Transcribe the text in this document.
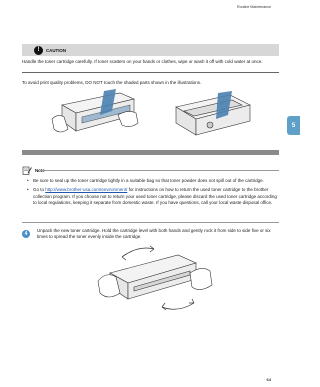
Routine Maintenance
5
!	CAUTION

Handle the toner cartridge carefully. If toner scatters on your hands or clothes, wipe or wash it off with cold water at once.

To avoid print quality problems, DO NOT touch the shaded parts shown in the illustrations.

Note
• Be sure to seal up the toner cartridge tightly in a suitable bag so that toner powder does not spill out of the cartridge.
• Go to http://www.brother-usa.com/environment/ for instructions on how to return the used toner cartridge to the brother collection program. If you choose not to return your used toner cartridge, please discard the used toner cartridge according to local regulations, keeping it separate from domestic waste. If you have questions, call your local waste disposal office.
4

Unpack the new toner cartridge. Hold the cartridge level with both hands and gently rock it from side to side five or six times to spread the toner evenly inside the cartridge.

64
